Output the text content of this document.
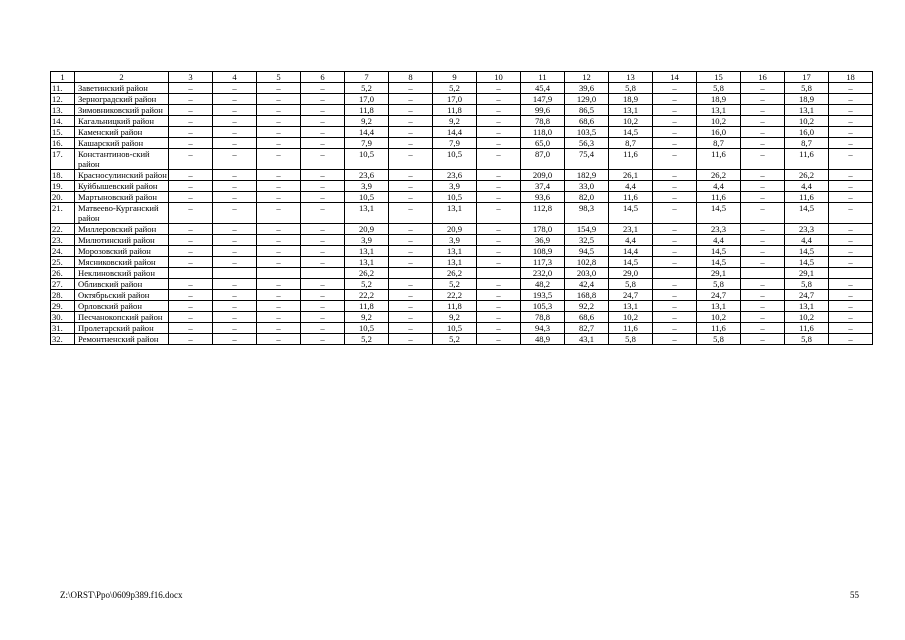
1	2	3	4	5	6	7	8	9	10	11	12	13	14	15	16	17	18
11.	Заветинский район	–	–	–	–	5,2	–	5,2	–	45,4	39,6	5,8	–	5,8	–	5,8	–
12.	Зерноградский район	–	–	–	–	17,0	–	17,0	–	147,9	129,0	18,9	–	18,9	–	18,9	–
13.	Зимовниковский район	–	–	–	–	11,8	–	11,8	–	99,6	86,5	13,1	–	13,1	–	13,1	–
14.	Кагальницкий район	–	–	–	–	9,2	–	9,2	–	78,8	68,6	10,2	–	10,2	–	10,2	–
15.	Каменский район	–	–	–	–	14,4	–	14,4	–	118,0	103,5	14,5	–	16,0	–	16,0	–
16.	Кашарский район	–	–	–	–	7,9	–	7,9	–	65,0	56,3	8,7	–	8,7	–	8,7	–
17.	Константинов-ский район	–	–	–	–	10,5	–	10,5	–	87,0	75,4	11,6	–	11,6	–	11,6	–
18.	Красносулинский район	–	–	–	–	23,6	–	23,6	–	209,0	182,9	26,1	–	26,2	–	26,2	–
19.	Куйбышевский район	–	–	–	–	3,9	–	3,9	–	37,4	33,0	4,4	–	4,4	–	4,4	–
20.	Мартыновский район	–	–	–	–	10,5	–	10,5	–	93,6	82,0	11,6	–	11,6	–	11,6	–
21.	Матвеево-Курганский район	–	–	–	–	13,1	–	13,1	–	112,8	98,3	14,5	–	14,5	–	14,5	–
22.	Миллеровский район	–	–	–	–	20,9	–	20,9	–	178,0	154,9	23,1	–	23,3	–	23,3	–
23.	Милютинский район	–	–	–	–	3,9	–	3,9	–	36,9	32,5	4,4	–	4,4	–	4,4	–
24.	Морозовский район	–	–	–	–	13,1	–	13,1	–	108,9	94,5	14,4	–	14,5	–	14,5	–
25.	Мясниковский район	–	–	–	–	13,1	–	13,1	–	117,3	102,8	14,5	–	14,5	–	14,5	–
26.	Неклиновский район					26,2		26,2		232,0	203,0	29,0		29,1		29,1	
27.	Обливский район	–	–	–	–	5,2	–	5,2	–	48,2	42,4	5,8	–	5,8	–	5,8	–
28.	Октябрьский район	–	–	–	–	22,2	–	22,2	–	193,5	168,8	24,7	–	24,7	–	24,7	–
29.	Орловский район	–	–	–	–	11,8	–	11,8	–	105,3	92,2	13,1	–	13,1	–	13,1	–
30.	Песчанокопский район	–	–	–	–	9,2	–	9,2	–	78,8	68,6	10,2	–	10,2	–	10,2	–
31.	Пролетарский район	–	–	–	–	10,5	–	10,5	–	94,3	82,7	11,6	–	11,6	–	11,6	–
32.	Ремонтненский район	–	–	–	–	5,2	–	5,2	–	48,9	43,1	5,8	–	5,8	–	5,8	–
Z:\ORST\Ppo\0609p389.f16.docx	55
